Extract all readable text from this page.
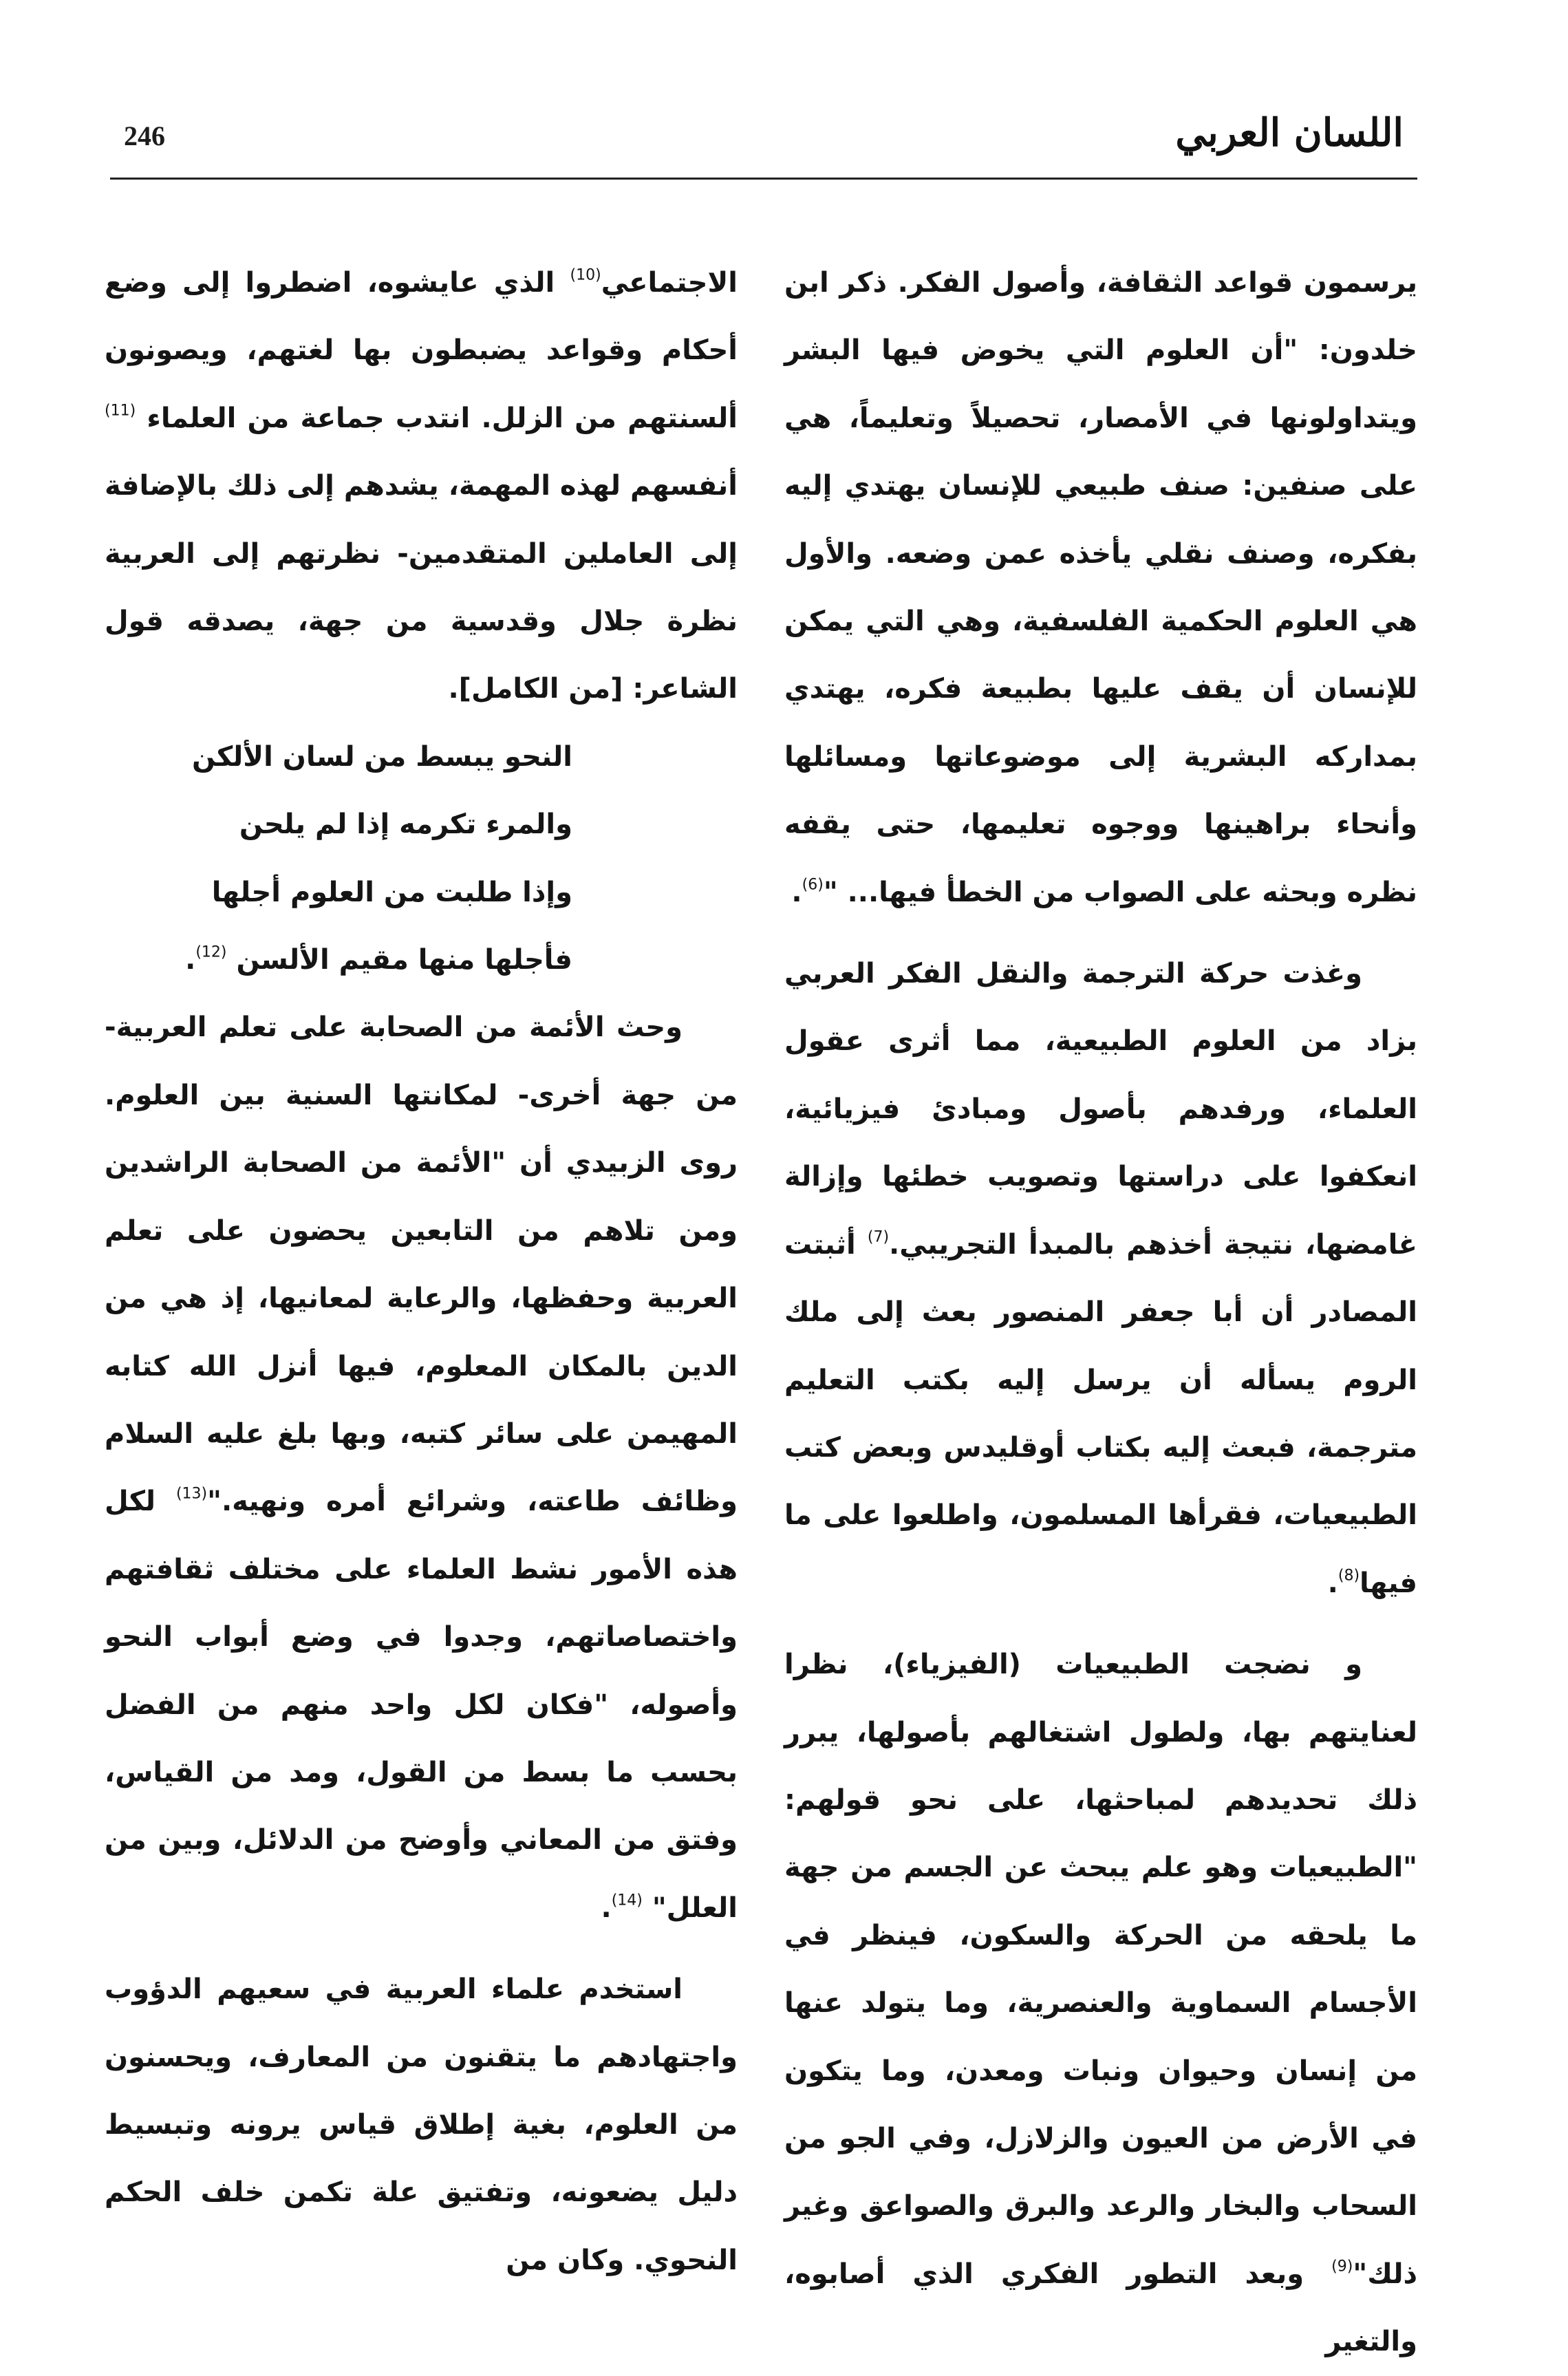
اللسان العربي
246

يرسمون قواعد الثقافة، وأصول الفكر. ذكر ابن خلدون: "أن العلوم التي يخوض فيها البشر ويتداولونها في الأمصار، تحصيلاً وتعليماً، هي على صنفين: صنف طبيعي للإنسان يهتدي إليه بفكره، وصنف نقلي يأخذه عمن وضعه. والأول هي العلوم الحكمية الفلسفية، وهي التي يمكن للإنسان أن يقف عليها بطبيعة فكره، يهتدي بمداركه البشرية إلى موضوعاتها ومسائلها وأنحاء براهينها ووجوه تعليمها، حتى يقفه نظره وبحثه على الصواب من الخطأ فيها... "$^{(6)}$.

وغذت حركة الترجمة والنقل الفكر العربي بزاد من العلوم الطبيعية، مما أثرى عقول العلماء، ورفدهم بأصول ومبادئ فيزيائية، انعكفوا على دراستها وتصويب خطئها وإزالة غامضها، نتيجة أخذهم بالمبدأ التجريبي.$^{(7)}$ أثبتت المصادر أن أبا جعفر المنصور بعث إلى ملك الروم يسأله أن يرسل إليه بكتب التعليم مترجمة، فبعث إليه بكتاب أوقليدس وبعض كتب الطبيعيات، فقرأها المسلمون، واطلعوا على ما فيها$^{(8)}$.

و نضجت الطبيعيات (الفيزياء)، نظرا لعنايتهم بها، ولطول اشتغالهم بأصولها، يبرر ذلك تحديدهم لمباحثها، على نحو قولهم: "الطبيعيات وهو علم يبحث عن الجسم من جهة ما يلحقه من الحركة والسكون، فينظر في الأجسام السماوية والعنصرية، وما يتولد عنها من إنسان وحيوان ونبات ومعدن، وما يتكون في الأرض من العيون والزلازل، وفي الجو من السحاب والبخار والرعد والبرق والصواعق وغير ذلك"$^{(9)}$ وبعد التطور الفكري الذي أصابوه، والتغير

الاجتماعي$^{(10)}$ الذي عايشوه، اضطروا إلى وضع أحكام وقواعد يضبطون بها لغتهم، ويصونون ألسنتهم من الزلل. انتدب جماعة من العلماء $^{(11)}$ أنفسهم لهذه المهمة، يشدهم إلى ذلك بالإضافة إلى العاملين المتقدمين- نظرتهم إلى العربية نظرة جلال وقدسية من جهة، يصدقه قول الشاعر: [من الكامل].

النحو يبسط من لسان الألكن

والمرء تكرمه إذا لم يلحن

وإذا طلبت من العلوم أجلها

فأجلها منها مقيم الألسن $^{(12)}$.

وحث الأئمة من الصحابة على تعلم العربية- من جهة أخرى- لمكانتها السنية بين العلوم. روى الزبيدي أن "الأئمة من الصحابة الراشدين ومن تلاهم من التابعين يحضون على تعلم العربية وحفظها، والرعاية لمعانيها، إذ هي من الدين بالمكان المعلوم، فيها أنزل الله كتابه المهيمن على سائر كتبه، وبها بلغ عليه السلام وظائف طاعته، وشرائع أمره ونهيه."$^{(13)}$ لكل هذه الأمور نشط العلماء على مختلف ثقافتهم واختصاصاتهم، وجدوا في وضع أبواب النحو وأصوله، "فكان لكل واحد منهم من الفضل بحسب ما بسط من القول، ومد من القياس، وفتق من المعاني وأوضح من الدلائل، وبين من العلل" $^{(14)}$.

استخدم علماء العربية في سعيهم الدؤوب واجتهادهم ما يتقنون من المعارف، ويحسنون من العلوم، بغية إطلاق قياس يرونه وتبسيط دليل يضعونه، وتفتيق علة تكمن خلف الحكم النحوي. وكان من
